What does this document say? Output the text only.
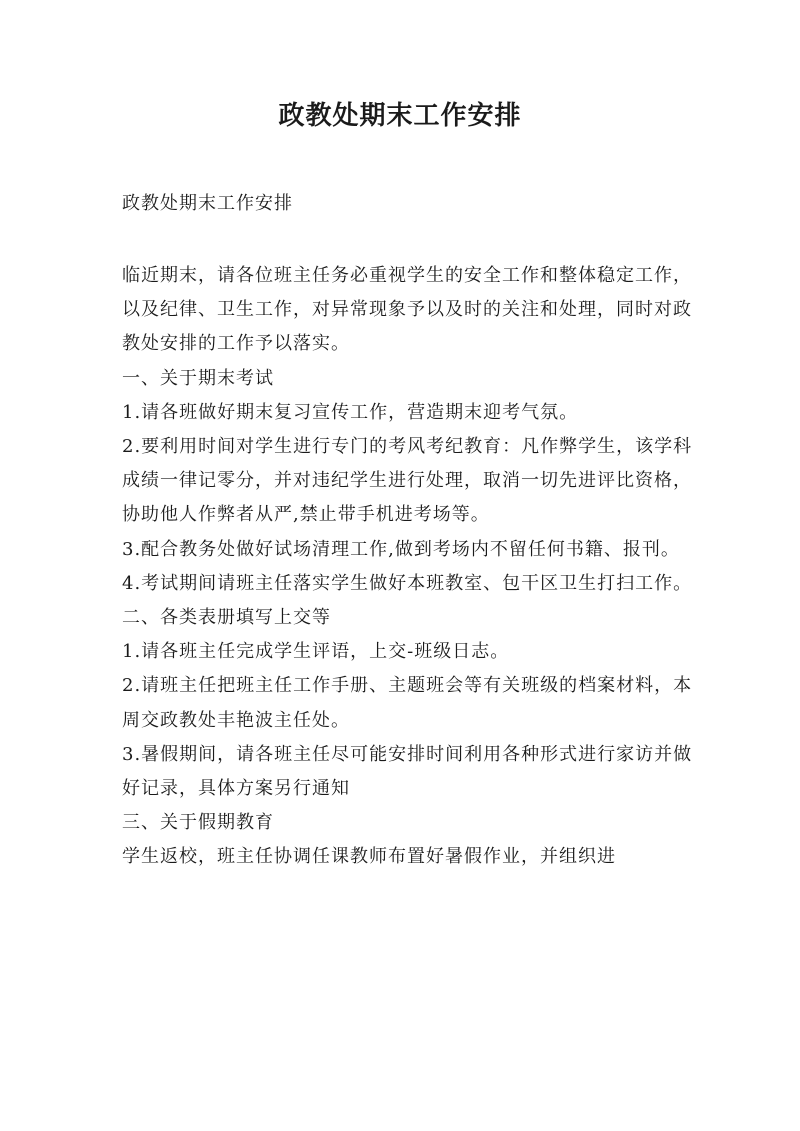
政教处期末工作安排

政教处期末工作安排

临近期末，请各位班主任务必重视学生的安全工作和整体稳定工作，以及纪律、卫生工作，对异常现象予以及时的关注和处理，同时对政教处安排的工作予以落实。

一、关于期末考试

1.请各班做好期末复习宣传工作，营造期末迎考气氛。

2.要利用时间对学生进行专门的考风考纪教育：凡作弊学生，该学科成绩一律记零分，并对违纪学生进行处理，取消一切先进评比资格，协助他人作弊者从严,禁止带手机进考场等。

3.配合教务处做好试场清理工作,做到考场内不留任何书籍、报刊。

4.考试期间请班主任落实学生做好本班教室、包干区卫生打扫工作。

二、各类表册填写上交等

1.请各班主任完成学生评语，上交-班级日志。

2.请班主任把班主任工作手册、主题班会等有关班级的档案材料，本周交政教处丰艳波主任处。

3.暑假期间，请各班主任尽可能安排时间利用各种形式进行家访并做好记录，具体方案另行通知

三、关于假期教育

学生返校，班主任协调任课教师布置好暑假作业，并组织进
